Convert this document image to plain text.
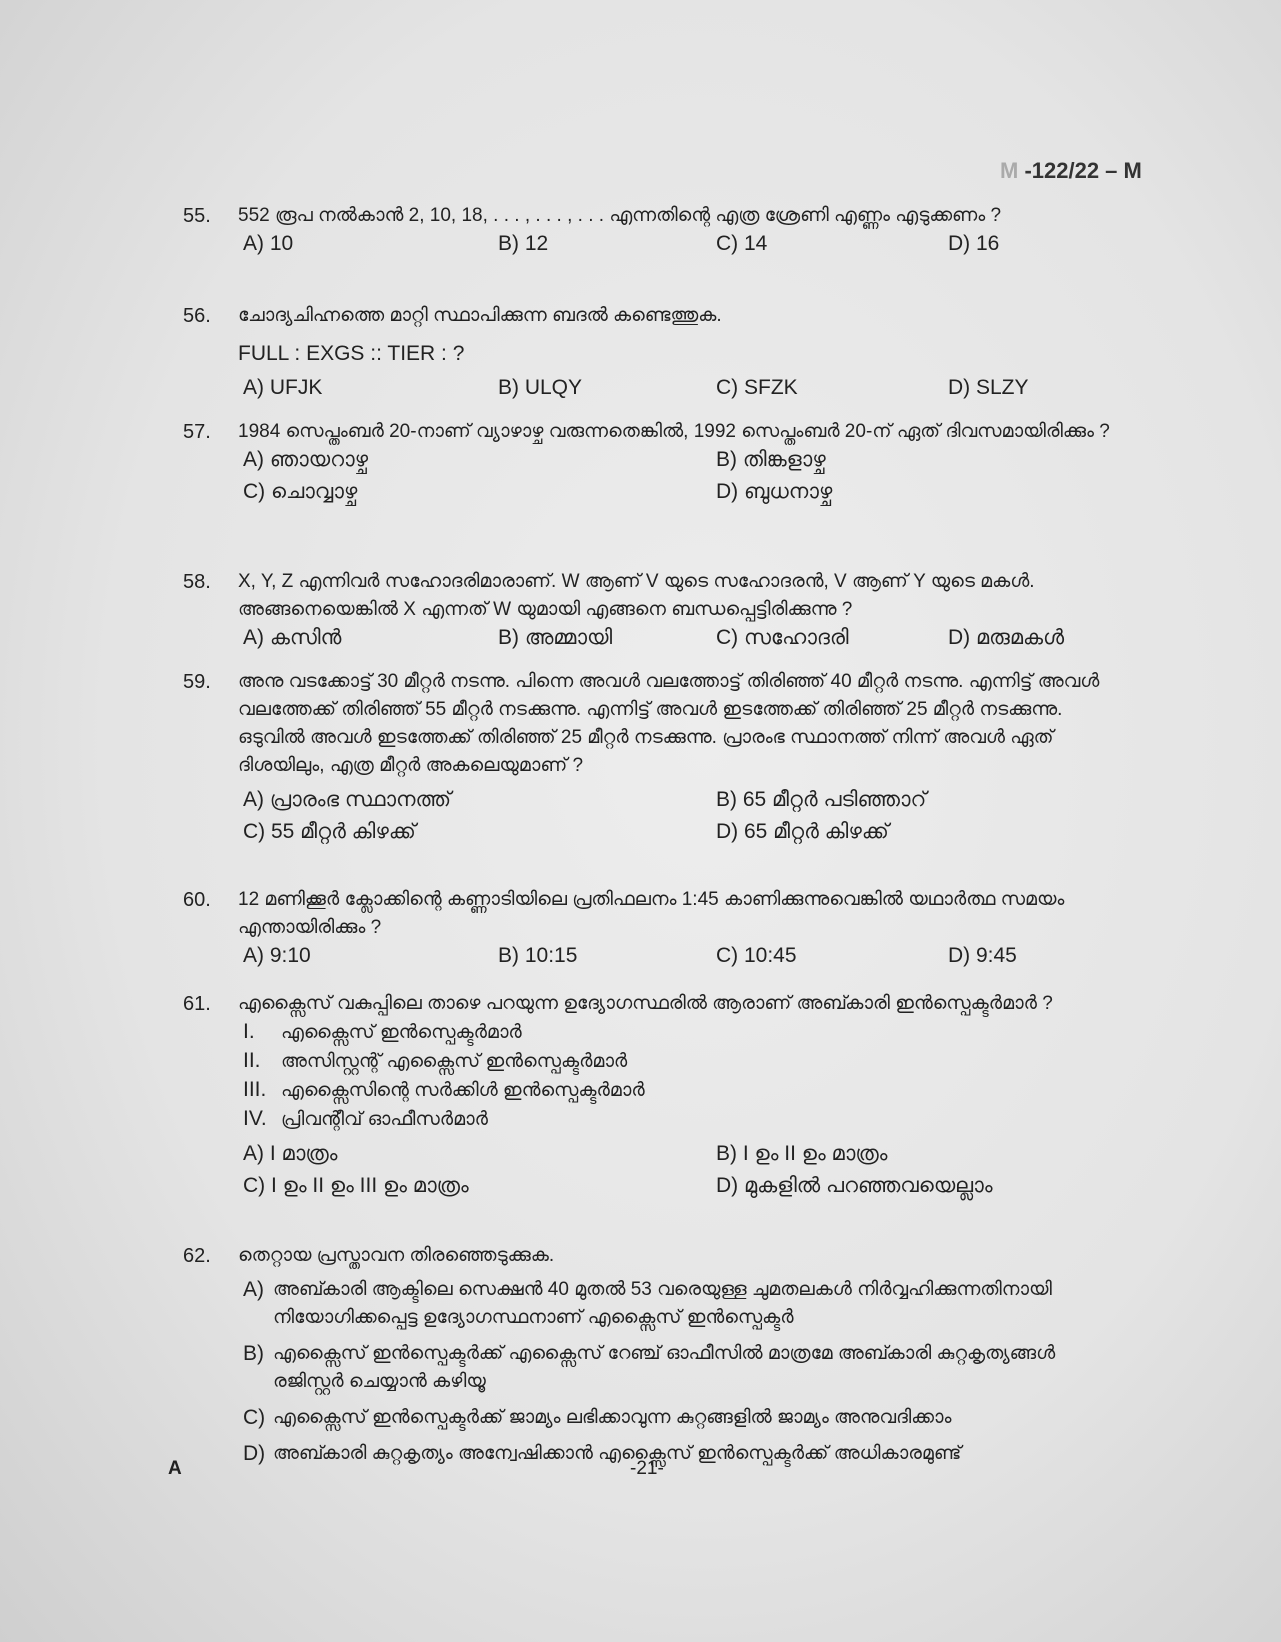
M -122/22 – M
55. 552 രൂപ നൽകാൻ 2, 10, 18, . . . , . . . , . . . എന്നതിന്റെ എത്ര ശ്രേണി എണ്ണം എടുക്കണം ?
A) 10	B) 12	C) 14	D) 16
56. ചോദ്യചിഹ്നത്തെ മാറ്റി സ്ഥാപിക്കുന്ന ബദൽ കണ്ടെത്തുക.
FULL : EXGS :: TIER : ?
A) UFJK	B) ULQY	C) SFZK	D) SLZY
57. 1984 സെപ്തംബർ 20-നാണ് വ്യാഴാഴ്ച വരുന്നതെങ്കിൽ, 1992 സെപ്തംബർ 20-ന് ഏത് ദിവസമായിരിക്കും ?
A) ഞായറാഴ്ച	B) തിങ്കളാഴ്ച
C) ചൊവ്വാഴ്ച	D) ബുധനാഴ്ച
58. X, Y, Z എന്നിവർ സഹോദരിമാരാണ്. W ആണ് V യുടെ സഹോദരൻ, V ആണ് Y യുടെ മകൾ. അങ്ങനെയെങ്കിൽ X എന്നത് W യുമായി എങ്ങനെ ബന്ധപ്പെട്ടിരിക്കുന്നു ?
A) കസിൻ	B) അമ്മായി	C) സഹോദരി	D) മരുമകൾ
59. അനു വടക്കോട്ട് 30 മീറ്റർ നടന്നു. പിന്നെ അവൾ വലത്തോട്ട് തിരിഞ്ഞ് 40 മീറ്റർ നടന്നു. എന്നിട്ട് അവൾ വലത്തേക്ക് തിരിഞ്ഞ് 55 മീറ്റർ നടക്കുന്നു. എന്നിട്ട് അവൾ ഇടത്തേക്ക് തിരിഞ്ഞ് 25 മീറ്റർ നടക്കുന്നു. ഒടുവിൽ അവൾ ഇടത്തേക്ക് തിരിഞ്ഞ് 25 മീറ്റർ നടക്കുന്നു. പ്രാരംഭ സ്ഥാനത്ത് നിന്ന് അവൾ ഏത് ദിശയിലും, എത്ര മീറ്റർ അകലെയുമാണ് ?
A) പ്രാരംഭ സ്ഥാനത്ത്	B) 65 മീറ്റർ പടിഞ്ഞാറ്
C) 55 മീറ്റർ കിഴക്ക്	D) 65 മീറ്റർ കിഴക്ക്
60. 12 മണിക്കൂർ ക്ലോക്കിന്റെ കണ്ണാടിയിലെ പ്രതിഫലനം 1:45 കാണിക്കുന്നുവെങ്കിൽ യഥാർത്ഥ സമയം എന്തായിരിക്കും ?
A) 9:10	B) 10:15	C) 10:45	D) 9:45
61. എക്സൈസ് വകുപ്പിലെ താഴെ പറയുന്ന ഉദ്യോഗസ്ഥരിൽ ആരാണ് അബ്കാരി ഇൻസ്പെക്ടർമാർ ?
I. എക്സൈസ് ഇൻസ്പെക്ടർമാർ
II. അസിസ്റ്റന്റ് എക്സൈസ് ഇൻസ്പെക്ടർമാർ
III. എക്സൈസിന്റെ സർക്കിൾ ഇൻസ്പെക്ടർമാർ
IV. പ്രിവന്റീവ് ഓഫീസർമാർ
A) I മാത്രം	B) I ഉം II ഉം മാത്രം
C) I ഉം II ഉം III ഉം മാത്രം	D) മുകളിൽ പറഞ്ഞവയെല്ലാം
62. തെറ്റായ പ്രസ്താവന തിരഞ്ഞെടുക്കുക.
A) അബ്കാരി ആക്ടിലെ സെക്ഷൻ 40 മുതൽ 53 വരെയുള്ള ചുമതലകൾ നിർവ്വഹിക്കുന്നതിനായി നിയോഗിക്കപ്പെട്ട ഉദ്യോഗസ്ഥനാണ് എക്സൈസ് ഇൻസ്പെക്ടർ
B) എക്സൈസ് ഇൻസ്പെക്ടർക്ക് എക്സൈസ് റേഞ്ച് ഓഫീസിൽ മാത്രമേ അബ്കാരി കുറ്റകൃത്യങ്ങൾ രജിസ്റ്റർ ചെയ്യാൻ കഴിയൂ
C) എക്സൈസ് ഇൻസ്പെക്ടർക്ക് ജാമ്യം ലഭിക്കാവുന്ന കുറ്റങ്ങളിൽ ജാമ്യം അനുവദിക്കാം
D) അബ്കാരി കുറ്റകൃത്യം അന്വേഷിക്കാൻ എക്സൈസ് ഇൻസ്പെക്ടർക്ക് അധികാരമുണ്ട്
A	-21-
